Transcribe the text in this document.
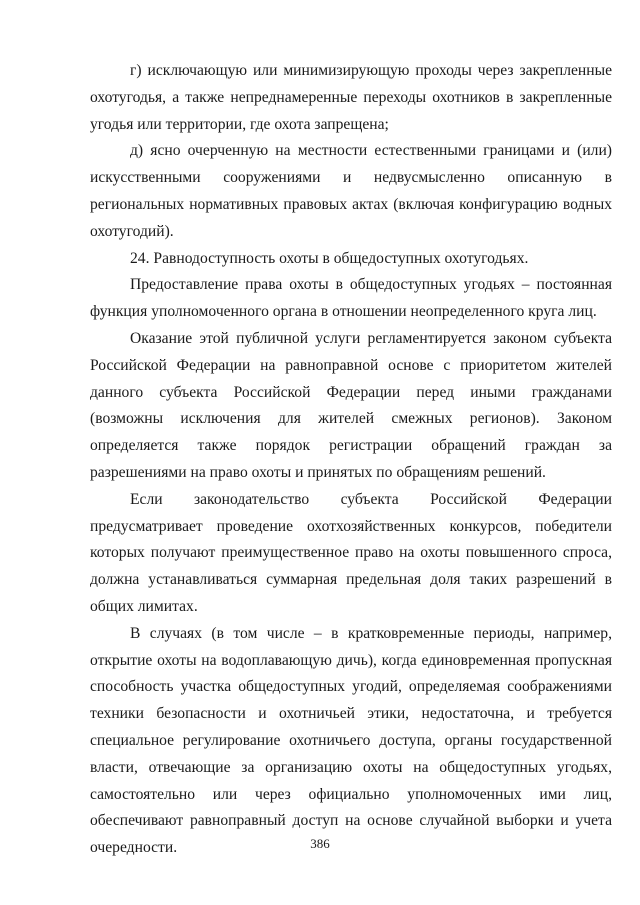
г) исключающую или минимизирующую проходы через закрепленные охотугодья, а также непреднамеренные переходы охотников в закрепленные угодья или территории, где охота запрещена;

д) ясно очерченную на местности естественными границами и (или) искусственными сооружениями и недвусмысленно описанную в региональных нормативных правовых актах (включая конфигурацию водных охотугодий).

24. Равнодоступность охоты в общедоступных охотугодьях.

Предоставление права охоты в общедоступных угодьях – постоянная функция уполномоченного органа в отношении неопределенного круга лиц.

Оказание этой публичной услуги регламентируется законом субъекта Российской Федерации на равноправной основе с приоритетом жителей данного субъекта Российской Федерации перед иными гражданами (возможны исключения для жителей смежных регионов). Законом определяется также порядок регистрации обращений граждан за разрешениями на право охоты и принятых по обращениям решений.

Если законодательство субъекта Российской Федерации предусматривает проведение охотхозяйственных конкурсов, победители которых получают преимущественное право на охоты повышенного спроса, должна устанавливаться суммарная предельная доля таких разрешений в общих лимитах.

В случаях (в том числе – в кратковременные периоды, например, открытие охоты на водоплавающую дичь), когда единовременная пропускная способность участка общедоступных угодий, определяемая соображениями техники безопасности и охотничьей этики, недостаточна, и требуется специальное регулирование охотничьего доступа, органы государственной власти, отвечающие за организацию охоты на общедоступных угодьях, самостоятельно или через официально уполномоченных ими лиц, обеспечивают равноправный доступ на основе случайной выборки и учета очередности.	386
